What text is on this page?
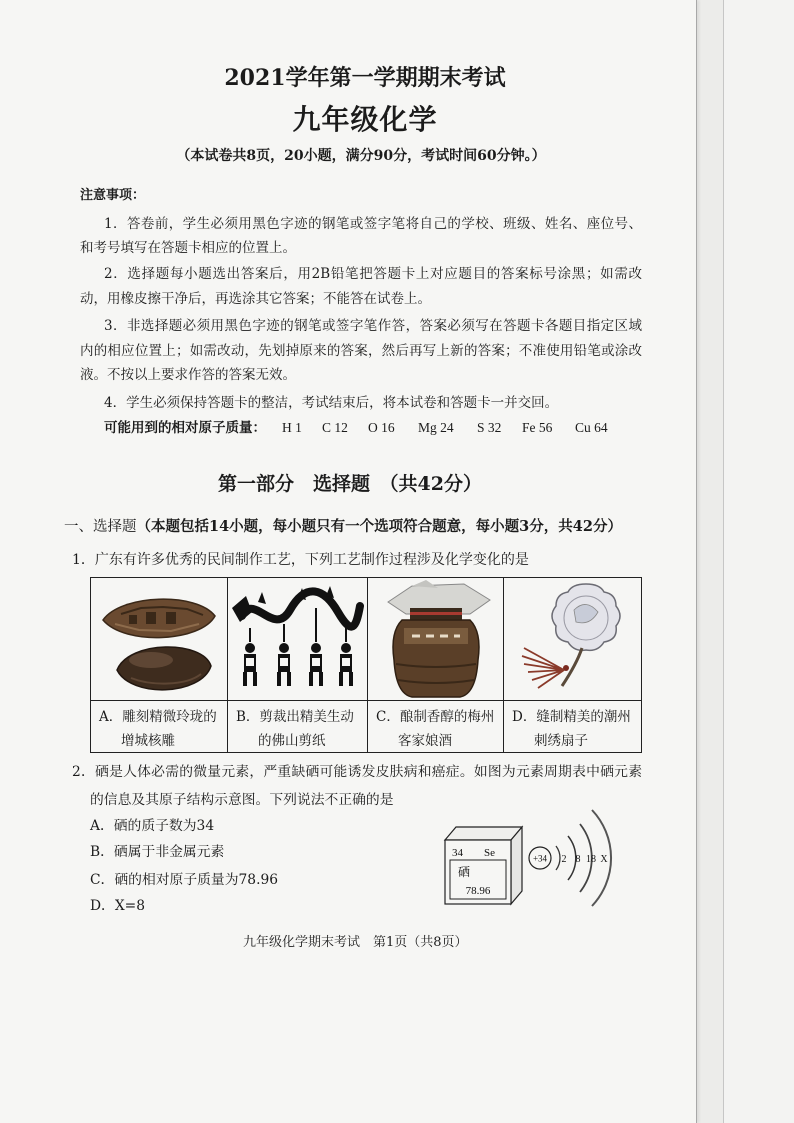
2021学年第一学期期末考试
九年级化学
（本试卷共8页，20小题，满分90分，考试时间60分钟。）
注意事项：
1．答卷前，学生必须用黑色字迹的钢笔或签字笔将自己的学校、班级、姓名、座位号、
和考号填写在答题卡相应的位置上。
2．选择题每小题选出答案后，用2B铅笔把答题卡上对应题目的答案标号涂黑；如需改
动，用橡皮擦干净后，再选涂其它答案；不能答在试卷上。
3．非选择题必须用黑色字迹的钢笔或签字笔作答，答案必须写在答题卡各题目指定区域
内的相应位置上；如需改动，先划掉原来的答案，然后再写上新的答案；不准使用铅笔或涂改
液。不按以上要求作答的答案无效。
4．学生必须保持答题卡的整洁，考试结束后，将本试卷和答题卡一并交回。
可能用到的相对原子质量： H 1 C 12 O 16 Mg 24 S 32 Fe 56 Cu 64
第一部分　选择题　（共42分）
一、选择题（本题包括14小题，每小题只有一个选项符合题意，每小题3分，共42分）
1．广东有许多优秀的民间制作工艺，下列工艺制作过程涉及化学变化的是
A．雕刻精微玲珑的
增城核雕
B．剪裁出精美生动
的佛山剪纸
C．酿制香醇的梅州
客家娘酒
D．缝制精美的潮州
刺绣扇子
2．硒是人体必需的微量元素，严重缺硒可能诱发皮肤病和癌症。如图为元素周期表中硒元素
的信息及其原子结构示意图。下列说法不正确的是
A．硒的质子数为34
B．硒属于非金属元素
C．硒的相对原子质量为78.96
D．X=8
34 Se
硒
78.96
+34 2 8 18 X
九年级化学期末考试　第1页（共8页）
